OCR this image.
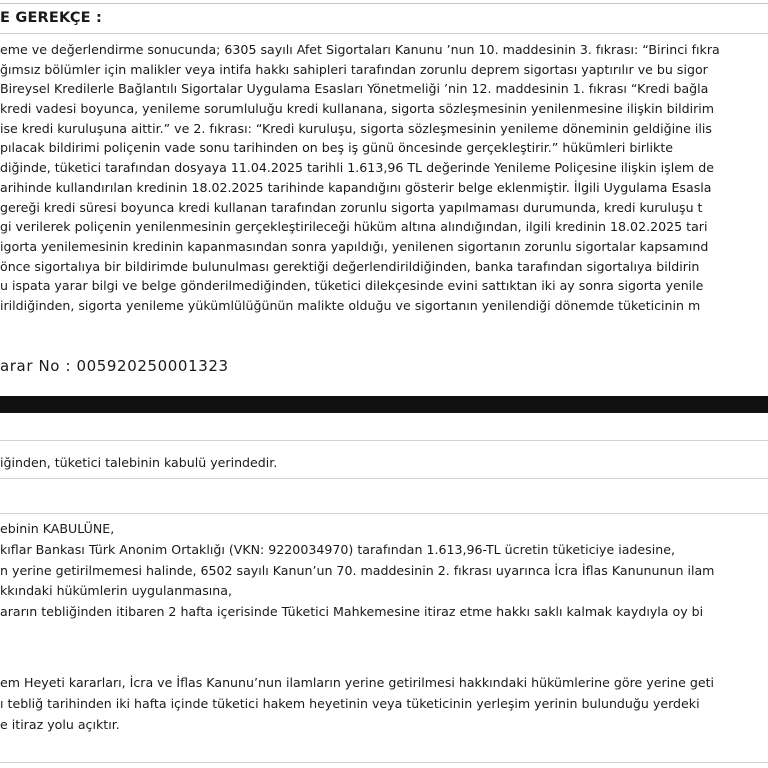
E GEREKÇE :
eme ve değerlendirme sonucunda; 6305 sayılı Afet Sigortaları Kanunu ’nun 10. maddesinin 3. fıkrası: “Birinci fıkra
ğımsız bölümler için malikler veya intifa hakkı sahipleri tarafından zorunlu deprem sigortası yaptırılır ve bu sigor
Bireysel Kredilerle Bağlantılı Sigortalar Uygulama Esasları Yönetmeliği ’nin 12. maddesinin 1. fıkrası “Kredi bağla
kredi vadesi boyunca, yenileme sorumluluğu kredi kullanana, sigorta sözleşmesinin yenilenmesine ilişkin bildirim
ise kredi kuruluşuna aittir.” ve 2. fıkrası: “Kredi kuruluşu, sigorta sözleşmesinin yenileme döneminin geldiğine ilis
pılacak bildirimi poliçenin vade sonu tarihinden on beş iş günü öncesinde gerçekleştirir.” hükümleri birlikte
diğinde, tüketici tarafından dosyaya 11.04.2025 tarihli 1.613,96 TL değerinde Yenileme Poliçesine ilişkin işlem de
arihinde kullandırılan kredinin 18.02.2025 tarihinde kapandığını gösterir belge eklenmiştir. İlgili Uygulama Esasla
gereği kredi süresi boyunca kredi kullanan tarafından zorunlu sigorta yapılmaması durumunda, kredi kuruluşu t
gi verilerek poliçenin yenilenmesinin gerçekleştirileceği hüküm altına alındığından, ilgili kredinin 18.02.2025 tari
igorta yenilemesinin kredinin kapanmasından sonra yapıldığı, yenilenen sigortanın zorunlu sigortalar kapsamınd
önce sigortalıya bir bildirimde bulunulması gerektiği değerlendirildiğinden, banka tarafından sigortalıya bildirin
u ispata yarar bilgi ve belge gönderilmediğinden, tüketici dilekçesinde evini sattıktan iki ay sonra sigorta yenile
irildiğinden, sigorta yenileme yükümlülüğünün malikte olduğu ve sigortanın yenilendiği dönemde tüketicinin m
arar No : 005920250001323
iğinden, tüketici talebinin kabulü yerindedir.
ebinin KABULÜNE,
kıflar Bankası Türk Anonim Ortaklığı (VKN: 9220034970) tarafından 1.613,96-TL ücretin tüketiciye iadesine,
n yerine getirilmemesi halinde, 6502 sayılı Kanun’un 70. maddesinin 2. fıkrası uyarınca İcra İflas Kanununun ilam
kkındaki hükümlerin uygulanmasına,
ararın tebliğinden itibaren 2 hafta içerisinde Tüketici Mahkemesine itiraz etme hakkı saklı kalmak kaydıyla oy bi
em Heyeti kararları, İcra ve İflas Kanunu’nun ilamların yerine getirilmesi hakkındaki hükümlerine göre yerine geti
ı tebliğ tarihinden iki hafta içinde tüketici hakem heyetinin veya tüketicinin yerleşim yerinin bulunduğu yerdeki
e itiraz yolu açıktır.
